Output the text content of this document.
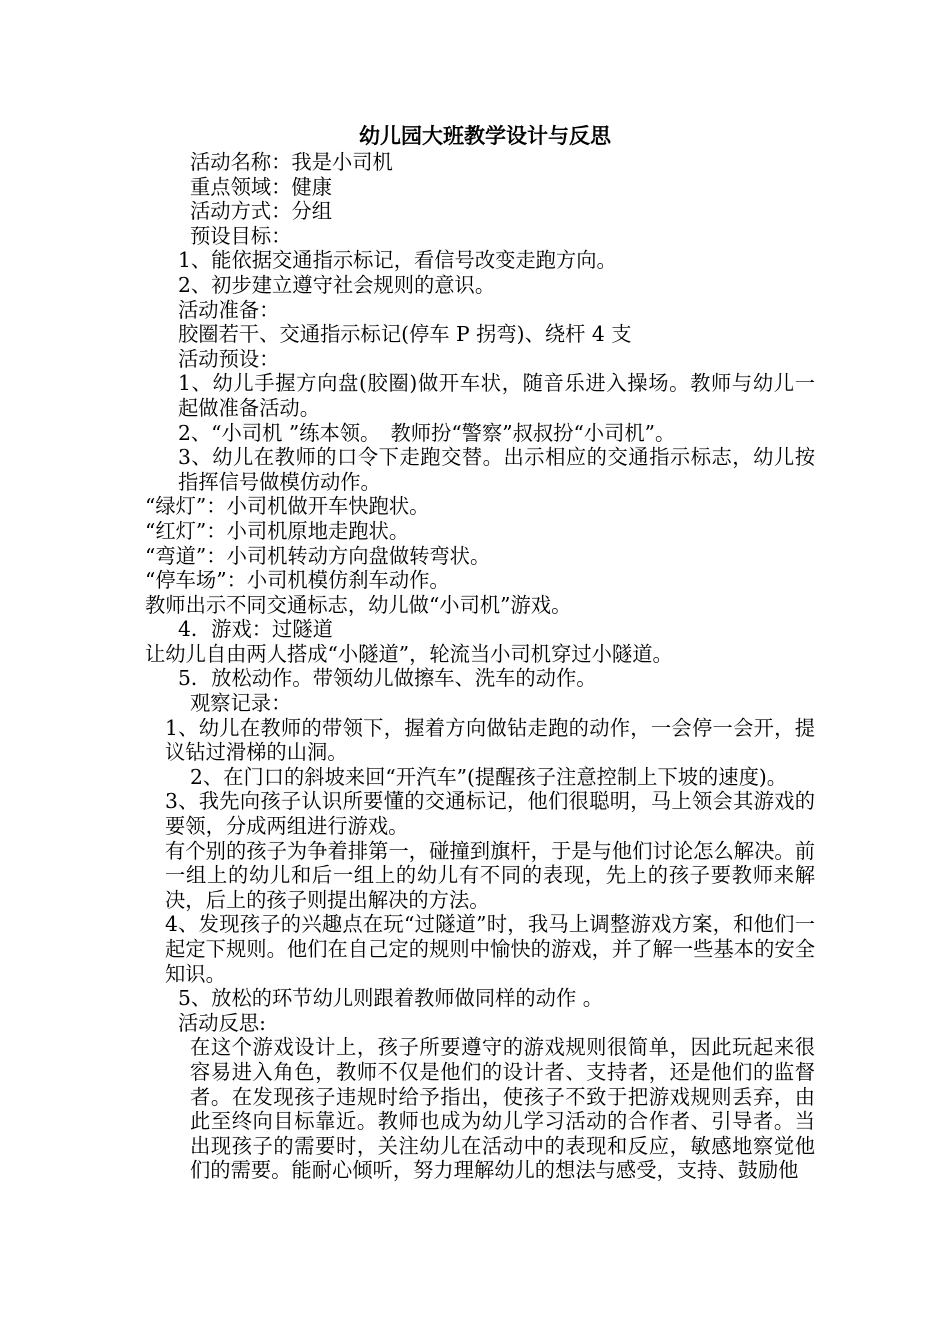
幼儿园大班教学设计与反思
活动名称：我是小司机
重点领域：健康
活动方式：分组
预设目标：
1、能依据交通指示标记，看信号改变走跑方向。
2、初步建立遵守社会规则的意识。
活动准备：
胶圈若干、交通指示标记(停车 P 拐弯)、绕杆 4 支
活动预设：
1、幼儿手握方向盘(胶圈)做开车状，随音乐进入操场。教师与幼儿一起做准备活动。
2、“小司机 ”练本领。　教师扮“警察”叔叔扮“小司机”。
3、幼儿在教师的口令下走跑交替。出示相应的交通指示标志，幼儿按指挥信号做模仿动作。
“绿灯”：小司机做开车快跑状。
“红灯”：小司机原地走跑状。
“弯道”：小司机转动方向盘做转弯状。
“停车场”：小司机模仿刹车动作。
教师出示不同交通标志，幼儿做“小司机”游戏。
4．游戏：过隧道
让幼儿自由两人搭成“小隧道”，轮流当小司机穿过小隧道。
5．放松动作。带领幼儿做擦车、洗车的动作。
观察记录：
1、幼儿在教师的带领下，握着方向做钻走跑的动作，一会停一会开，提议钻过滑梯的山洞。
2、在门口的斜坡来回“开汽车”(提醒孩子注意控制上下坡的速度)。
3、我先向孩子认识所要懂的交通标记，他们很聪明，马上领会其游戏的要领，分成两组进行游戏。
有个别的孩子为争着排第一，碰撞到旗杆，于是与他们讨论怎么解决。前一组上的幼儿和后一组上的幼儿有不同的表现，先上的孩子要教师来解决，后上的孩子则提出解决的方法。
4、发现孩子的兴趣点在玩“过隧道”时，我马上调整游戏方案，和他们一起定下规则。他们在自己定的规则中愉快的游戏，并了解一些基本的安全知识。
5、放松的环节幼儿则跟着教师做同样的动作 。
活动反思:
在这个游戏设计上，孩子所要遵守的游戏规则很简单，因此玩起来很容易进入角色，教师不仅是他们的设计者、支持者，还是他们的监督者。在发现孩子违规时给予指出，使孩子不致于把游戏规则丢弃，由此至终向目标靠近。教师也成为幼儿学习活动的合作者、引导者。当出现孩子的需要时，关注幼儿在活动中的表现和反应，敏感地察觉他们的需要。能耐心倾听，努力理解幼儿的想法与感受，支持、鼓励他
